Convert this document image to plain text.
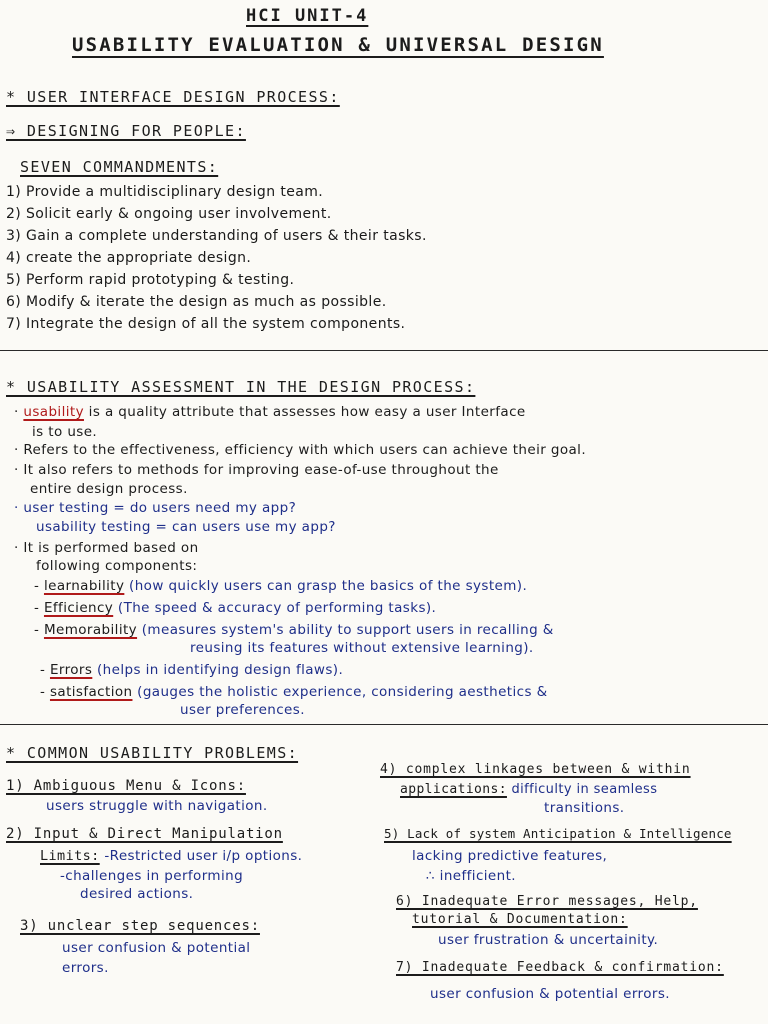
HCI UNIT-4
USABILITY EVALUATION & UNIVERSAL DESIGN
* USER INTERFACE DESIGN PROCESS:
⇒ DESIGNING FOR PEOPLE:
SEVEN COMMANDMENTS:
1) Provide a multidisciplinary design team.
2) Solicit early & ongoing user involvement.
3) Gain a complete understanding of users & their tasks.
4) create the appropriate design.
5) Perform rapid prototyping & testing.
6) Modify & iterate the design as much as possible.
7) Integrate the design of all the system components.
* USABILITY ASSESSMENT IN THE DESIGN PROCESS:
· usability is a quality attribute that assesses how easy a user Interface
is to use.
· Refers to the effectiveness, efficiency with which users can achieve their goal.
· It also refers to methods for improving ease-of-use throughout the
entire design process.
· user testing = do users need my app?
usability testing = can users use my app?
· It is performed based on
following components:
- learnability (how quickly users can grasp the basics of the system).
- Efficiency (The speed & accuracy of performing tasks).
- Memorability (measures system's ability to support users in recalling &
reusing its features without extensive learning).
- Errors (helps in identifying design flaws).
- satisfaction (gauges the holistic experience, considering aesthetics &
user preferences.
* COMMON USABILITY PROBLEMS:
1) Ambiguous Menu & Icons:
users struggle with navigation.
2) Input & Direct Manipulation
Limits: -Restricted user i/p options.
-challenges in performing
desired actions.
3) unclear step sequences:
user confusion & potential
errors.
4) complex linkages between & within
applications: difficulty in seamless
transitions.
5) Lack of system Anticipation & Intelligence
lacking predictive features,
∴ inefficient.
6) Inadequate Error messages, Help,
tutorial & Documentation:
user frustration & uncertainity.
7) Inadequate Feedback & confirmation:
user confusion & potential errors.
